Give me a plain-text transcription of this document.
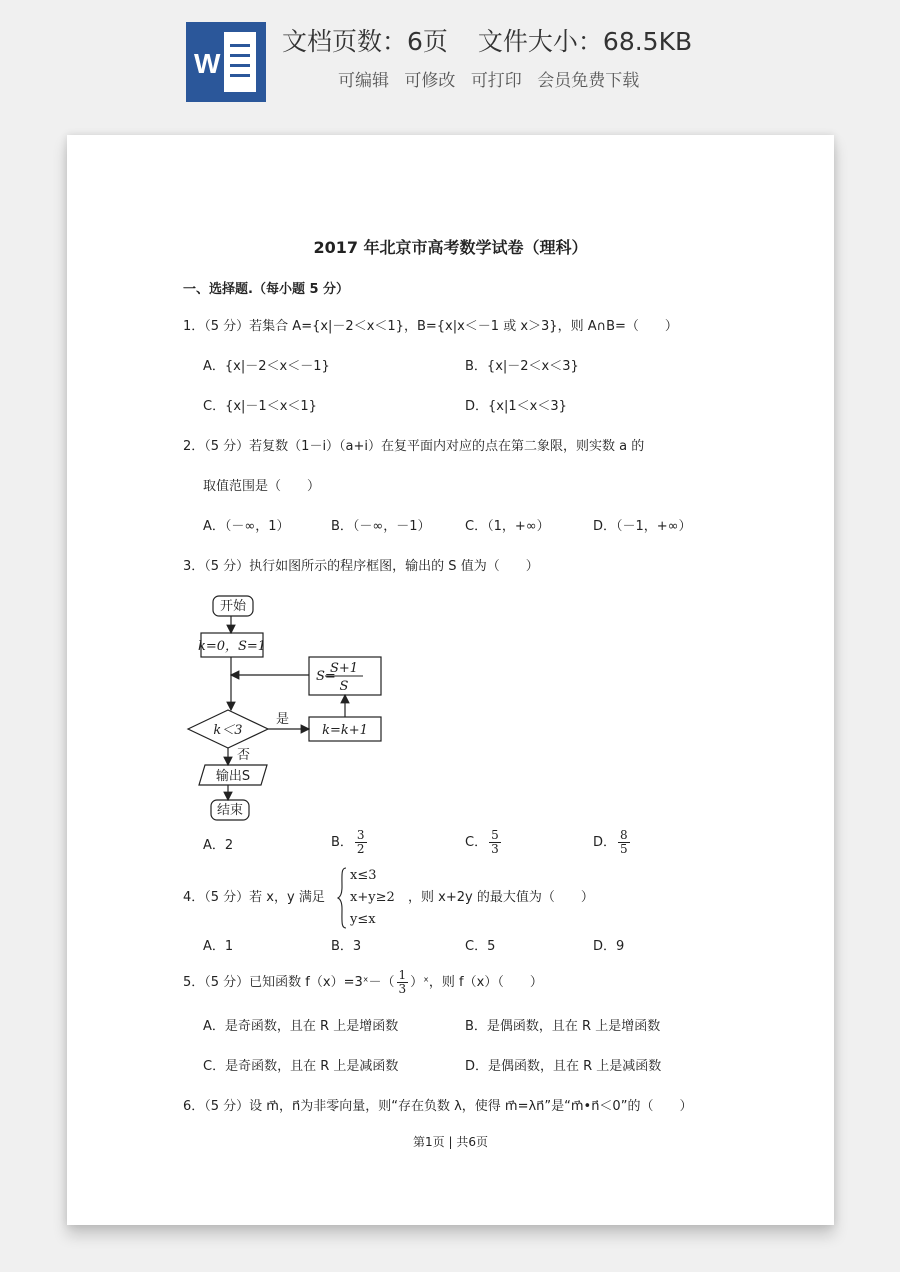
W
文档页数：6页 文件大小：68.5KB
可编辑 可修改 可打印 会员免费下载
2017 年北京市高考数学试卷（理科）
一、选择题.（每小题 5 分）
1．（5 分）若集合 A={x|－2＜x＜1}，B={x|x＜－1 或 x＞3}，则 A∩B=（　　）
A．{x|－2＜x＜－1}	B．{x|－2＜x＜3}
C．{x|－1＜x＜1}	D．{x|1＜x＜3}
2．（5 分）若复数（1－i）（a+i）在复平面内对应的点在第二象限，则实数 a 的
取值范围是（　　）
A．（－∞，1）	B．（－∞，－1）	C．（1，+∞）	D．（－1，+∞）
3．（5 分）执行如图所示的程序框图，输出的 S 值为（　　）
开始
k=0，S=1
S=
S+1
S
k＜3
是
否
k=k+1
输出S
结束
A．2	B． $\frac{3}{2}$	C． $\frac{5}{3}$	D． $\frac{8}{5}$
4．（5 分）若 x，y 满足
x≤3
x+y≥2
y≤x
，则 x+2y 的最大值为（　　）
A．1	B．3	C．5	D．9
5．（5 分）已知函数 f（x）=3ˣ－（ $\frac{1}{3}$ ）ˣ，则 f（x）（　　）
A．是奇函数，且在 R 上是增函数	B．是偶函数，且在 R 上是增函数
C．是奇函数，且在 R 上是减函数	D．是偶函数，且在 R 上是减函数
6．（5 分）设 m⃗，n⃗为非零向量，则“存在负数 λ，使得 m⃗=λn⃗”是“m⃗•n⃗＜0”的（　　）
第1页 | 共6页
